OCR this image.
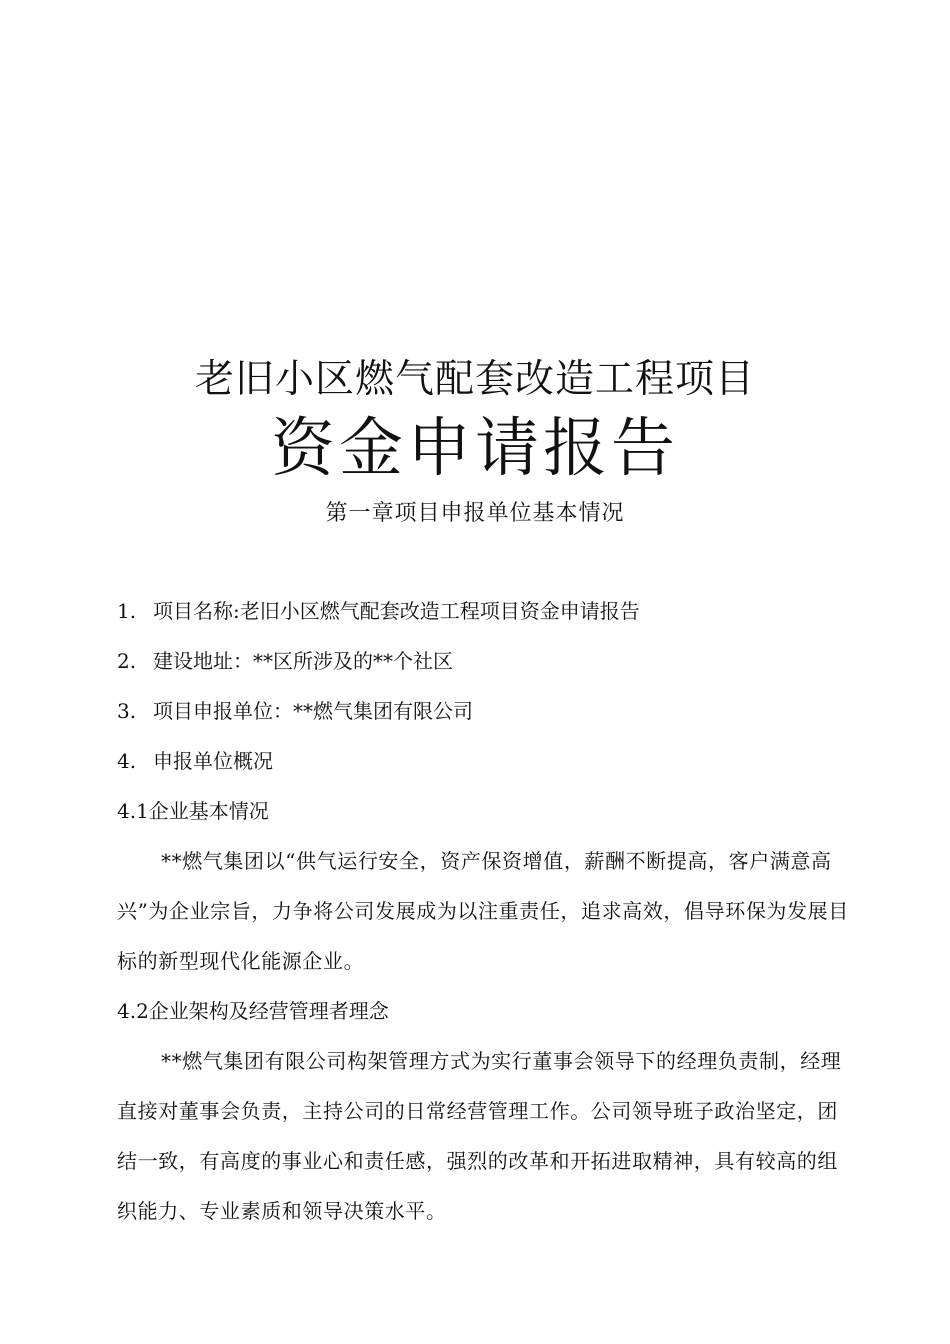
老旧小区燃气配套改造工程项目
资金申请报告
第一章项目申报单位基本情况

1. 项目名称:老旧小区燃气配套改造工程项目资金申请报告

2. 建设地址：**区所涉及的**个社区

3. 项目申报单位：**燃气集团有限公司

4. 申报单位概况

4.1企业基本情况

**燃气集团以“供气运行安全，资产保资增值，薪酬不断提高，客户满意高兴”为企业宗旨，力争将公司发展成为以注重责任，追求高效，倡导环保为发展目标的新型现代化能源企业。

4.2企业架构及经营管理者理念

**燃气集团有限公司构架管理方式为实行董事会领导下的经理负责制，经理直接对董事会负责，主持公司的日常经营管理工作。公司领导班子政治坚定，团结一致，有高度的事业心和责任感，强烈的改革和开拓进取精神，具有较高的组织能力、专业素质和领导决策水平。
